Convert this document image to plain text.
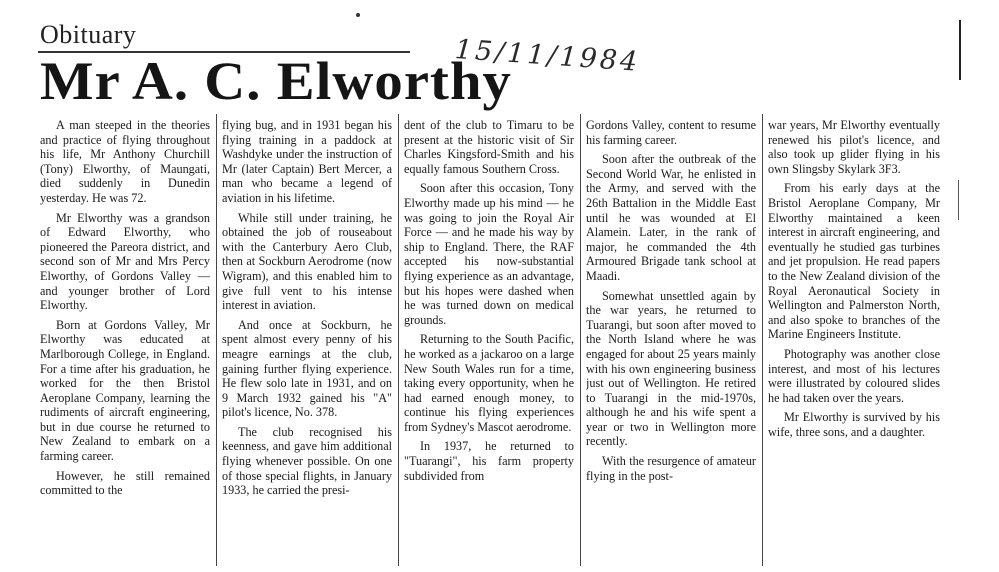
Obituary
Mr A. C. Elworthy
15/11/1984

A man steeped in the theories and practice of flying throughout his life, Mr Anthony Churchill (Tony) Elworthy, of Maungati, died suddenly in Dunedin yesterday. He was 72.

Mr Elworthy was a grandson of Edward Elworthy, who pioneered the Pareora district, and second son of Mr and Mrs Percy Elworthy, of Gordons Valley — and younger brother of Lord Elworthy.

Born at Gordons Valley, Mr Elworthy was educated at Marlborough College, in England. For a time after his graduation, he worked for the then Bristol Aeroplane Company, learning the rudiments of aircraft engineering, but in due course he returned to New Zealand to embark on a farming career.

However, he still remained committed to the

flying bug, and in 1931 began his flying training in a paddock at Washdyke under the instruction of Mr (later Captain) Bert Mercer, a man who became a legend of aviation in his lifetime.

While still under training, he obtained the job of rouseabout with the Canterbury Aero Club, then at Sockburn Aerodrome (now Wigram), and this enabled him to give full vent to his intense interest in aviation.

And once at Sockburn, he spent almost every penny of his meagre earnings at the club, gaining further flying experience. He flew solo late in 1931, and on 9 March 1932 gained his "A" pilot's licence, No. 378.

The club recognised his keenness, and gave him additional flying whenever possible. On one of those special flights, in January 1933, he carried the presi-

dent of the club to Timaru to be present at the historic visit of Sir Charles Kingsford-Smith and his equally famous Southern Cross.

Soon after this occasion, Tony Elworthy made up his mind — he was going to join the Royal Air Force — and he made his way by ship to England. There, the RAF accepted his now-substantial flying experience as an advantage, but his hopes were dashed when he was turned down on medical grounds.

Returning to the South Pacific, he worked as a jackaroo on a large New South Wales run for a time, taking every opportunity, when he had earned enough money, to continue his flying experiences from Sydney's Mascot aerodrome.

In 1937, he returned to "Tuarangi", his farm property subdivided from

Gordons Valley, content to resume his farming career.

Soon after the outbreak of the Second World War, he enlisted in the Army, and served with the 26th Battalion in the Middle East until he was wounded at El Alamein. Later, in the rank of major, he commanded the 4th Armoured Brigade tank school at Maadi.

Somewhat unsettled again by the war years, he returned to Tuarangi, but soon after moved to the North Island where he was engaged for about 25 years mainly with his own engineering business just out of Wellington. He retired to Tuarangi in the mid-1970s, although he and his wife spent a year or two in Wellington more recently.

With the resurgence of amateur flying in the post-

war years, Mr Elworthy eventually renewed his pilot's licence, and also took up glider flying in his own Slingsby Skylark 3F3.

From his early days at the Bristol Aeroplane Company, Mr Elworthy maintained a keen interest in aircraft engineering, and eventually he studied gas turbines and jet propulsion. He read papers to the New Zealand division of the Royal Aeronautical Society in Wellington and Palmerston North, and also spoke to branches of the Marine Engineers Institute.

Photography was another close interest, and most of his lectures were illustrated by coloured slides he had taken over the years.

Mr Elworthy is survived by his wife, three sons, and a daughter.
